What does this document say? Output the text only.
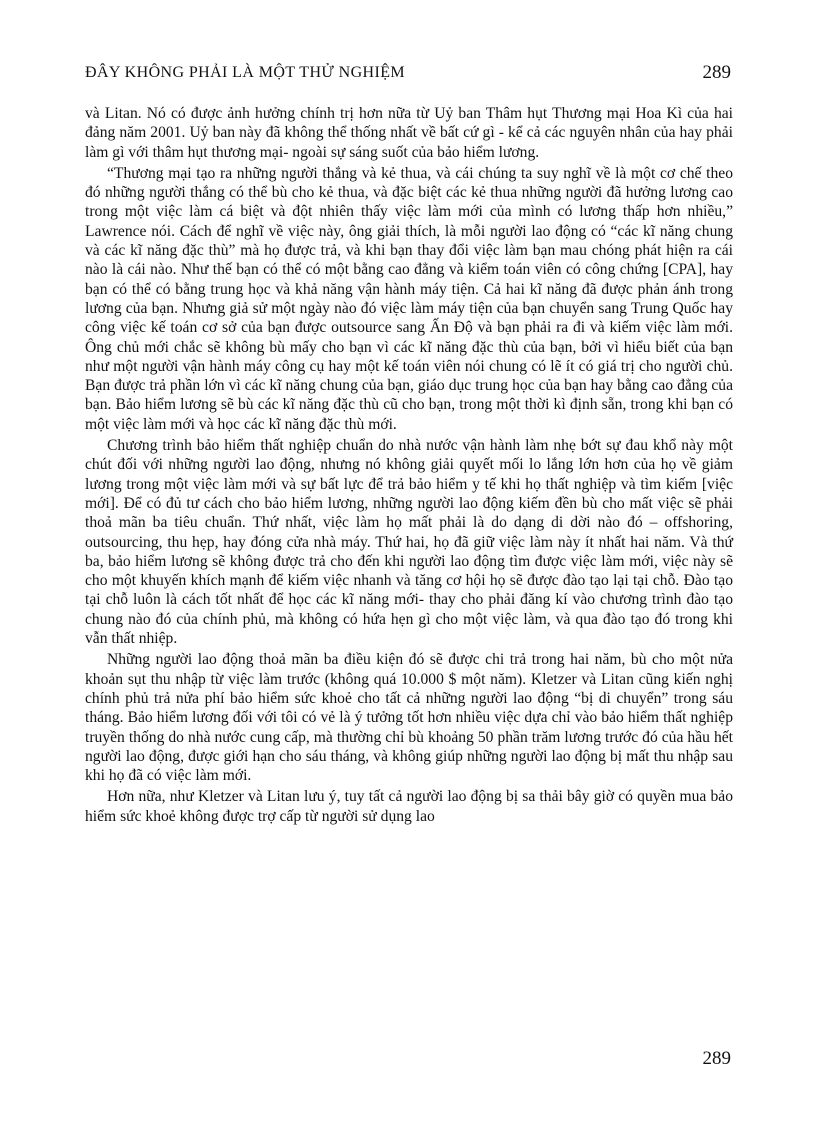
ĐÂY KHÔNG PHẢI LÀ MỘT THỬ NGHIỆM	289

và Litan. Nó có được ảnh hưởng chính trị hơn nữa từ Uỷ ban Thâm hụt Thương mại Hoa Kì của hai đảng năm 2001. Uỷ ban này đã không thể thống nhất về bất cứ gì - kể cả các nguyên nhân của hay phải làm gì với thâm hụt thương mại- ngoài sự sáng suốt của bảo hiểm lương.

“Thương mại tạo ra những người thắng và kẻ thua, và cái chúng ta suy nghĩ về là một cơ chế theo đó những người thắng có thể bù cho kẻ thua, và đặc biệt các kẻ thua những người đã hưởng lương cao trong một việc làm cá biệt và đột nhiên thấy việc làm mới của mình có lương thấp hơn nhiều,” Lawrence nói. Cách để nghĩ về việc này, ông giải thích, là mỗi người lao động có “các kĩ năng chung và các kĩ năng đặc thù” mà họ được trả, và khi bạn thay đổi việc làm bạn mau chóng phát hiện ra cái nào là cái nào. Như thế bạn có thể có một bằng cao đẳng và kiểm toán viên có công chứng [CPA], hay bạn có thể có bằng trung học và khả năng vận hành máy tiện. Cả hai kĩ năng đã được phản ánh trong lương của bạn. Nhưng giả sử một ngày nào đó việc làm máy tiện của bạn chuyển sang Trung Quốc hay công việc kế toán cơ sở của bạn được outsource sang Ấn Độ và bạn phải ra đi và kiếm việc làm mới. Ông chủ mới chắc sẽ không bù mấy cho bạn vì các kĩ năng đặc thù của bạn, bởi vì hiểu biết của bạn như một người vận hành máy công cụ hay một kế toán viên nói chung có lẽ ít có giá trị cho người chủ. Bạn được trả phần lớn vì các kĩ năng chung của bạn, giáo dục trung học của bạn hay bằng cao đẳng của bạn. Bảo hiểm lương sẽ bù các kĩ năng đặc thù cũ cho bạn, trong một thời kì định sẵn, trong khi bạn có một việc làm mới và học các kĩ năng đặc thù mới.

Chương trình bảo hiểm thất nghiệp chuẩn do nhà nước vận hành làm nhẹ bớt sự đau khổ này một chút đối với những người lao động, nhưng nó không giải quyết mối lo lắng lớn hơn của họ về giảm lương trong một việc làm mới và sự bất lực để trả bảo hiểm y tế khi họ thất nghiệp và tìm kiếm [việc mới]. Để có đủ tư cách cho bảo hiểm lương, những người lao động kiếm đền bù cho mất việc sẽ phải thoả mãn ba tiêu chuẩn. Thứ nhất, việc làm họ mất phải là do dạng di dời nào đó – offshoring, outsourcing, thu hẹp, hay đóng cửa nhà máy. Thứ hai, họ đã giữ việc làm này ít nhất hai năm. Và thứ ba, bảo hiểm lương sẽ không được trả cho đến khi người lao động tìm được việc làm mới, việc này sẽ cho một khuyến khích mạnh để kiếm việc nhanh và tăng cơ hội họ sẽ được đào tạo lại tại chỗ. Đào tạo tại chỗ luôn là cách tốt nhất để học các kĩ năng mới- thay cho phải đăng kí vào chương trình đào tạo chung nào đó của chính phủ, mà không có hứa hẹn gì cho một việc làm, và qua đào tạo đó trong khi vẫn thất nhiệp.

Những người lao động thoả mãn ba điều kiện đó sẽ được chi trả trong hai năm, bù cho một nửa khoản sụt thu nhập từ việc làm trước (không quá 10.000 $ một năm). Kletzer và Litan cũng kiến nghị chính phủ trả nửa phí bảo hiểm sức khoẻ cho tất cả những người lao động “bị di chuyển” trong sáu tháng. Bảo hiểm lương đối với tôi có vẻ là ý tưởng tốt hơn nhiều việc dựa chỉ vào bảo hiểm thất nghiệp truyền thống do nhà nước cung cấp, mà thường chỉ bù khoảng 50 phần trăm lương trước đó của hầu hết người lao động, được giới hạn cho sáu tháng, và không giúp những người lao động bị mất thu nhập sau khi họ đã có việc làm mới.

Hơn nữa, như Kletzer và Litan lưu ý, tuy tất cả người lao động bị sa thải bây giờ có quyền mua bảo hiểm sức khoẻ không được trợ cấp từ người sử dụng lao

289
